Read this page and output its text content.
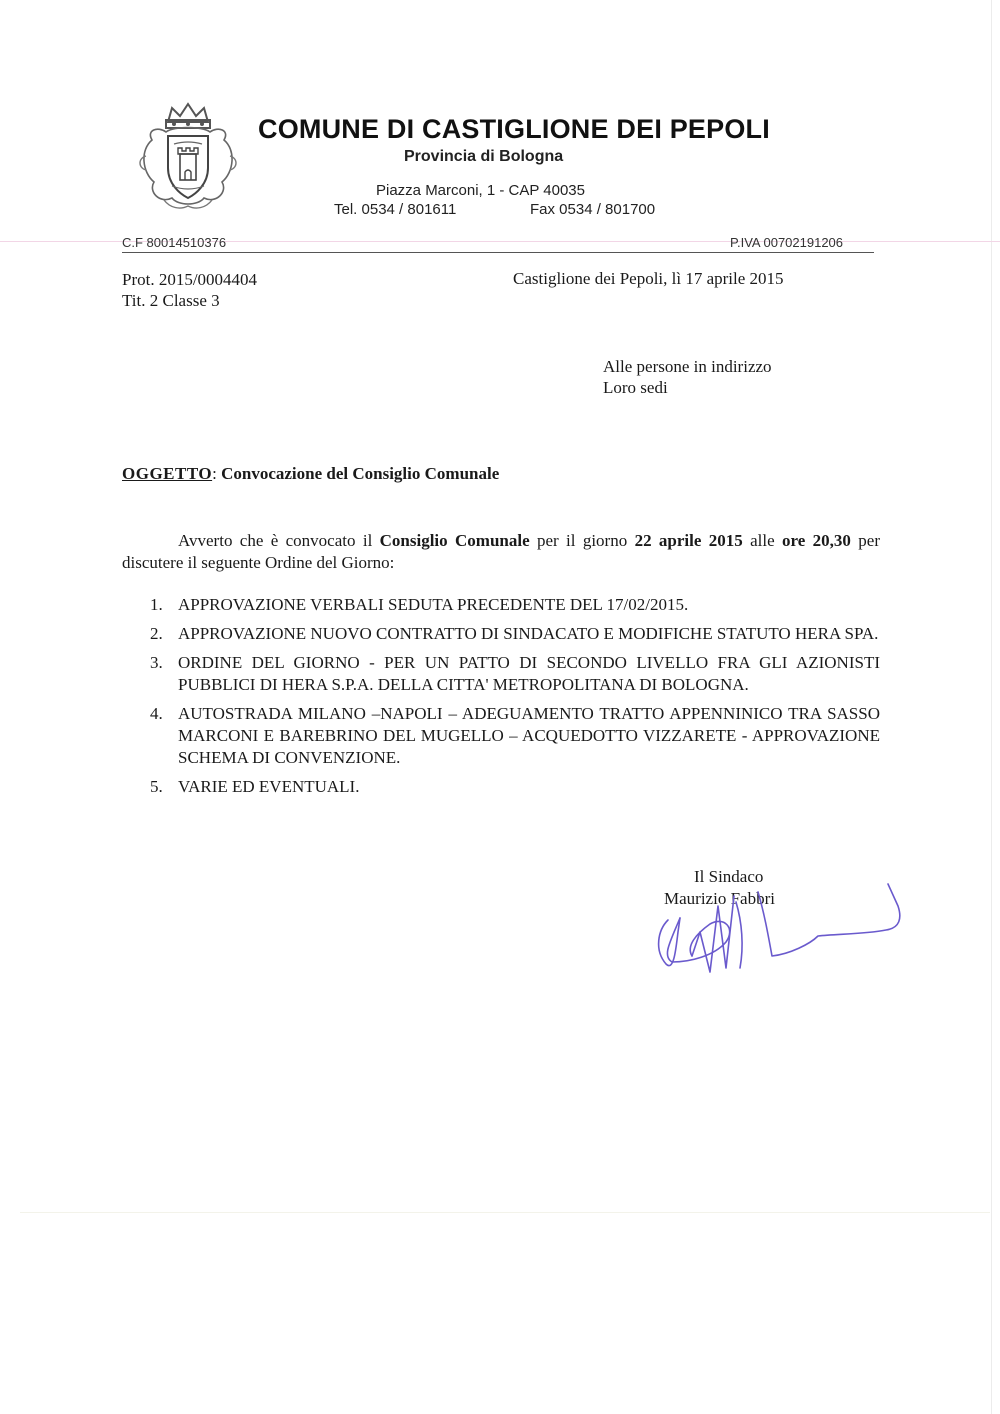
COMUNE DI CASTIGLIONE DEI PEPOLI
Provincia di Bologna
Piazza Marconi, 1 - CAP 40035
Tel. 0534 / 801611	Fax 0534 / 801700
C.F 80014510376	P.IVA 00702191206
Prot. 2015/0004404
Tit. 2 Classe 3
Castiglione dei Pepoli, lì 17 aprile 2015
Alle persone in indirizzo
Loro sedi
OGGETTO: Convocazione del Consiglio Comunale
Avverto che è convocato il Consiglio Comunale per il giorno 22 aprile 2015 alle ore 20,30 per discutere il seguente Ordine del Giorno:
1. APPROVAZIONE VERBALI SEDUTA PRECEDENTE DEL 17/02/2015.
2. APPROVAZIONE NUOVO CONTRATTO DI SINDACATO E MODIFICHE STATUTO HERA SPA.
3. ORDINE DEL GIORNO - PER UN PATTO DI SECONDO LIVELLO FRA GLI AZIONISTI PUBBLICI DI HERA S.P.A. DELLA CITTA' METROPOLITANA DI BOLOGNA.
4. AUTOSTRADA MILANO –NAPOLI – ADEGUAMENTO TRATTO APPENNINICO TRA SASSO MARCONI E BAREBRINO DEL MUGELLO – ACQUEDOTTO VIZZARETE - APPROVAZIONE SCHEMA DI CONVENZIONE.
5. VARIE ED EVENTUALI.
Il Sindaco
Maurizio Fabbri
